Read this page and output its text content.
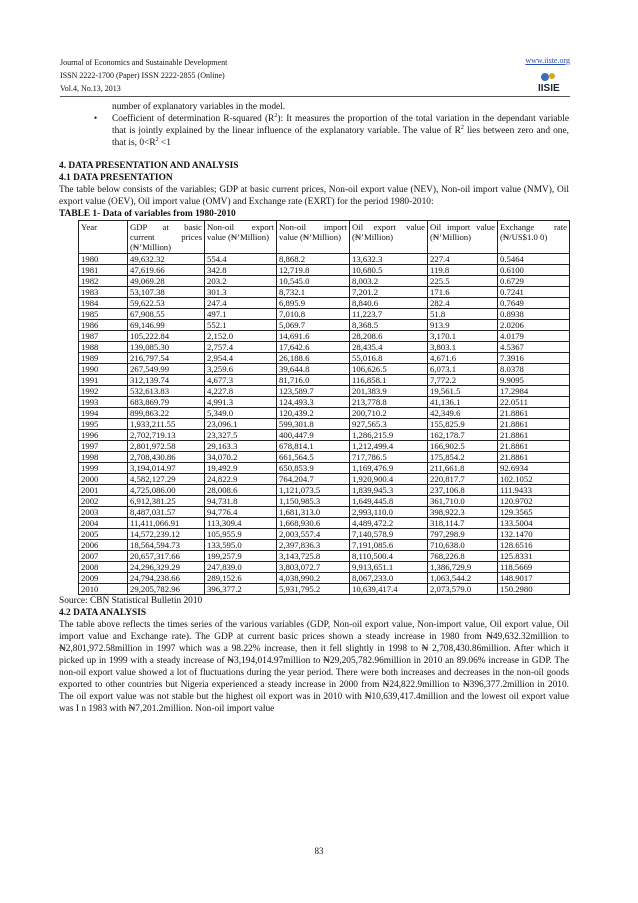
Journal of Economics and Sustainable Development
ISSN 2222-1700 (Paper) ISSN 2222-2855 (Online)
Vol.4, No.13, 2013
www.iiste.org
IISIE
number of explanatory variables in the model.
•	Coefficient of determination R-squared $(R^2)$: It measures the proportion of the total variation in the dependant variable that is jointly explained by the linear influence of the explanatory variable. The value of $R^2$ lies between zero and one, that is, $0<R^2 <1$
4. DATA PRESENTATION AND ANALYSIS
4.1 DATA PRESENTATION
The table below consists of the variables; GDP at basic current prices, Non-oil export value (NEV), Non-oil import value (NMV), Oil export value (OEV), Oil import value (OMV) and Exchange rate (EXRT) for the period 1980-2010:
TABLE 1- Data of variables from 1980-2010
Year	GDP at basic current prices (₦’Million)	Non-oil export value (₦’Million)	Non-oil import value (₦’Million)	Oil export value (₦’Million)	Oil import value (₦’Million)	Exchange rate (₦/US$1.0 0)
1980	49,632.32	554.4	8,868.2	13,632.3	227.4	0.5464
1981	47,619.66	342.8	12,719.8	10,680.5	119.8	0.6100
1982	49,069.28	203.2	10,545.0	8,003.2	225.5	0.6729
1983	53,107.38	301.3	8,732.1	7,201.2	171.6	0.7241
1984	59,622.53	247.4	6,895.9	8,840.6	282.4	0.7649
1985	67,908.55	497.1	7,010.8	11,223.7	51.8	0.8938
1986	69,146.99	552.1	5,069.7	8,368.5	913.9	2.0206
1987	105,222.84	2,152.0	14,691.6	28,208.6	3,170.1	4.0179
1988	139,085.30	2,757.4	17,642.6	28,435.4	3,803.1	4.5367
1989	216,797.54	2,954.4	26,188.6	55,016.8	4,671.6	7.3916
1990	267,549.99	3,259.6	39,644.8	106,626.5	6,073.1	8.0378
1991	312,139.74	4,677.3	81,716.0	116,858.1	7,772.2	9.9095
1992	532,613.83	4,227.8	123,589.7	201,383.9	19,561.5	17.2984
1993	683,869.79	4,991.3	124,493.3	213,778.8	41,136.1	22.0511
1994	899,863.22	5,349.0	120,439.2	200,710.2	42,349.6	21.8861
1995	1,933,211.55	23,096.1	599,301.8	927,565.3	155,825.9	21.8861
1996	2,702,719.13	23,327.5	400,447.9	1,286,215.9	162,178.7	21.8861
1997	2,801,972.58	29,163.3	678,814.1	1,212,499.4	166,902.5	21.8861
1998	2,708,430.86	34,070.2	661,564.5	717,786.5	175,854.2	21.8861
1999	3,194,014.97	19,492.9	650,853.9	1,169,476.9	211,661.8	92.6934
2000	4,582,127.29	24,822.9	764,204.7	1,920,900.4	220,817.7	102.1052
2001	4,725,086.00	28,008.6	1,121,073.5	1,839,945.3	237,106.8	111.9433
2002	6,912,381.25	94,731.8	1,150,985.3	1,649,445.8	361,710.0	120.9702
2003	8,487,031.57	94,776.4	1,681,313.0	2,993,110.0	398,922.3	129.3565
2004	11,411,066.91	113,309.4	1,668,930.6	4,489,472.2	318,114.7	133.5004
2005	14,572,239.12	105,955.9	2,003,557.4	7,140,578.9	797,298.9	132.1470
2006	18,564,594.73	133,595.0	2,397,836.3	7,191,085.6	710,638.0	128.6516
2007	20,657,317.66	199,257.9	3,143,725.8	8,110,500.4	768,226.8	125.8331
2008	24,296,329.29	247,839.0	3,803,072.7	9,913,651.1	1,386,729.9	118.5669
2009	24,794,238.66	289,152.6	4,038,990.2	8,067,233.0	1,063,544.2	148.9017
2010	29,205,782.96	396,377.2	5,931,795.2	10,639,417.4	2,073,579.0	150.2980
Source: CBN Statistical Bulletin 2010
4.2 DATA ANALYSIS
The table above reflects the times series of the various variables (GDP, Non-oil export value, Non-import value, Oil export value, Oil import value and Exchange rate). The GDP at current basic prices shown a steady increase in 1980 from ₦49,632.32million to ₦2,801,972.58million in 1997 which was a 98.22% increase, then it fell slightly in 1998 to ₦ 2,708,430.86million. After which it picked up in 1999 with a steady increase of ₦3,194,014.97million to ₦29,205,782.96million in 2010 an 89.06% increase in GDP. The non-oil export value showed a lot of fluctuations during the year period. There were both increases and decreases in the non-oil goods exported to other countries but Nigeria experienced a steady increase in 2000 from ₦24,822.9million to ₦396,377.2million in 2010. The oil export value was not stable but the highest oil export was in 2010 with ₦10,639,417.4million and the lowest oil export value was I n 1983 with ₦7,201.2million. Non-oil import value
83
